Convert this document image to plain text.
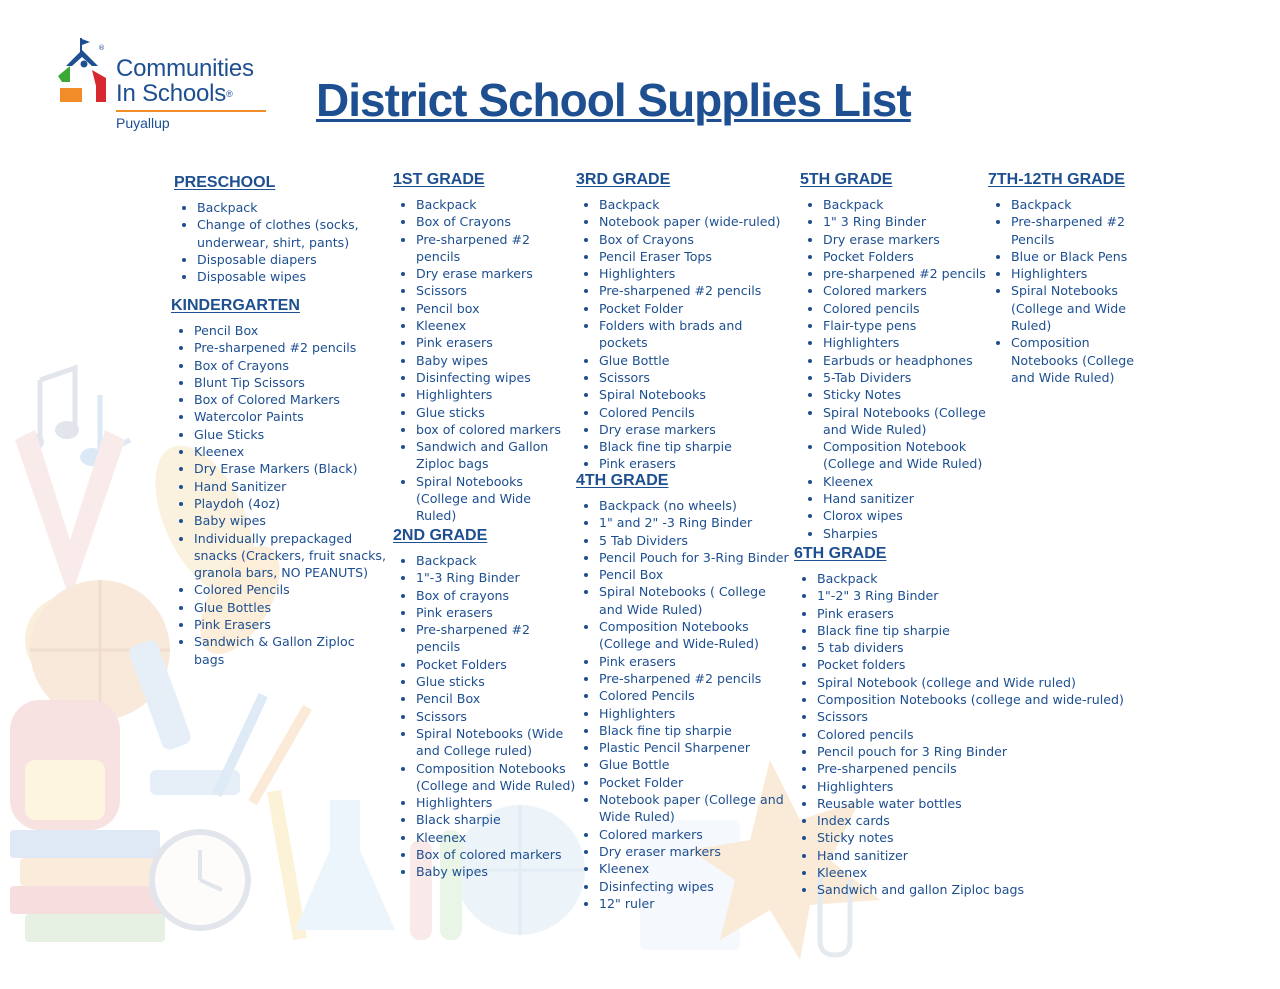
®
Communities
In Schools®
Puyallup	District School Supplies List
PRESCHOOL
• Backpack
• Change of clothes (socks, underwear, shirt, pants)
• Disposable diapers
• Disposable wipes
KINDERGARTEN
• Pencil Box
• Pre-sharpened #2 pencils
• Box of Crayons
• Blunt Tip Scissors
• Box of Colored Markers
• Watercolor Paints
• Glue Sticks
• Kleenex
• Dry Erase Markers (Black)
• Hand Sanitizer
• Playdoh (4oz)
• Baby wipes
• Individually prepackaged snacks (Crackers, fruit snacks, granola bars, NO PEANUTS)
• Colored Pencils
• Glue Bottles
• Pink Erasers
• Sandwich & Gallon Ziploc bags
1ST GRADE
• Backpack
• Box of Crayons
• Pre-sharpened #2 pencils
• Dry erase markers
• Scissors
• Pencil box
• Kleenex
• Pink erasers
• Baby wipes
• Disinfecting wipes
• Highlighters
• Glue sticks
• box of colored markers
• Sandwich and Gallon Ziploc bags
• Spiral Notebooks (College and Wide Ruled)
2ND GRADE
• Backpack
• 1"-3 Ring Binder
• Box of crayons
• Pink erasers
• Pre-sharpened #2 pencils
• Pocket Folders
• Glue sticks
• Pencil Box
• Scissors
• Spiral Notebooks (Wide and College ruled)
• Composition Notebooks (College and Wide Ruled)
• Highlighters
• Black sharpie
• Kleenex
• Box of colored markers
• Baby wipes
3RD GRADE
• Backpack
• Notebook paper (wide-ruled)
• Box of Crayons
• Pencil Eraser Tops
• Highlighters
• Pre-sharpened #2 pencils
• Pocket Folder
• Folders with brads and pockets
• Glue Bottle
• Scissors
• Spiral Notebooks
• Colored Pencils
• Dry erase markers
• Black fine tip sharpie
• Pink erasers
4TH GRADE
• Backpack (no wheels)
• 1" and 2" -3 Ring Binder
• 5 Tab Dividers
• Pencil Pouch for 3-Ring Binder
• Pencil Box
• Spiral Notebooks ( College and Wide Ruled)
• Composition Notebooks (College and Wide-Ruled)
• Pink erasers
• Pre-sharpened #2 pencils
• Colored Pencils
• Highlighters
• Black fine tip sharpie
• Plastic Pencil Sharpener
• Glue Bottle
• Pocket Folder
• Notebook paper (College and Wide Ruled)
• Colored markers
• Dry eraser markers
• Kleenex
• Disinfecting wipes
• 12" ruler
5TH GRADE
• Backpack
• 1" 3 Ring Binder
• Dry erase markers
• Pocket Folders
• pre-sharpened #2 pencils
• Colored markers
• Colored pencils
• Flair-type pens
• Highlighters
• Earbuds or headphones
• 5-Tab Dividers
• Sticky Notes
• Spiral Notebooks (College and Wide Ruled)
• Composition Notebook (College and Wide Ruled)
• Kleenex
• Hand sanitizer
• Clorox wipes
• Sharpies
6TH GRADE
• Backpack
• 1"-2" 3 Ring Binder
• Pink erasers
• Black fine tip sharpie
• 5 tab dividers
• Pocket folders
• Spiral Notebook (college and Wide ruled)
• Composition Notebooks (college and wide-ruled)
• Scissors
• Colored pencils
• Pencil pouch for 3 Ring Binder
• Pre-sharpened pencils
• Highlighters
• Reusable water bottles
• Index cards
• Sticky notes
• Hand sanitizer
• Kleenex
• Sandwich and gallon Ziploc bags
7TH-12TH GRADE
• Backpack
• Pre-sharpened #2 Pencils
• Blue or Black Pens
• Highlighters
• Spiral Notebooks (College and Wide Ruled)
• Composition Notebooks (College and Wide Ruled)
